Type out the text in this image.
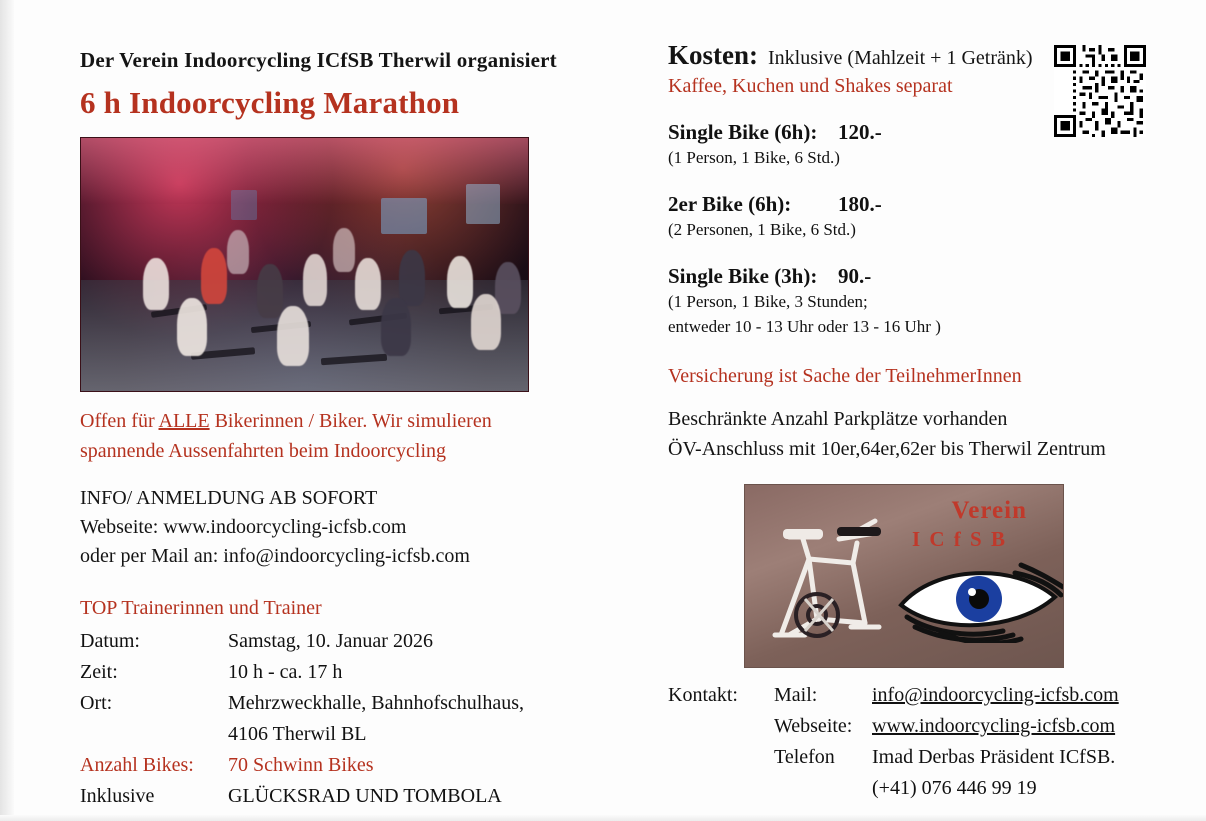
Der Verein Indoorcycling ICfSB Therwil organisiert
6 h Indoorcycling Marathon
Offen für ALLE Bikerinnen / Biker. Wir simulieren
spannende Aussenfahrten beim Indoorcycling
INFO/ ANMELDUNG AB SOFORT
Webseite: www.indoorcycling-icfsb.com
oder per Mail an: info@indoorcycling-icfsb.com
TOP Trainerinnen und Trainer
Datum:	Samstag, 10. Januar 2026
Zeit:	10 h - ca. 17 h
Ort:	Mehrzweckhalle, Bahnhofschulhaus,
	4106 Therwil BL
Anzahl Bikes:	70 Schwinn Bikes
Inklusive	GLÜCKSRAD UND TOMBOLA
Kosten: Inklusive (Mahlzeit + 1 Getränk)
Kaffee, Kuchen und Shakes separat
Single Bike (6h): 120.-
(1 Person, 1 Bike, 6 Std.)
2er Bike (6h):	180.-
(2 Personen, 1 Bike, 6 Std.)
Single Bike (3h): 90.-
(1 Person, 1 Bike, 3 Stunden;
entweder 10 - 13 Uhr oder 13 - 16 Uhr )
Versicherung ist Sache der TeilnehmerInnen
Beschränkte Anzahl Parkplätze vorhanden
ÖV-Anschluss mit 10er,64er,62er bis Therwil Zentrum
Verein
I C f S B
Kontakt:	Mail:	info@indoorcycling-icfsb.com
	Webseite:	www.indoorcycling-icfsb.com
	Telefon	Imad Derbas Präsident ICfSB.
		(+41) 076 446 99 19
